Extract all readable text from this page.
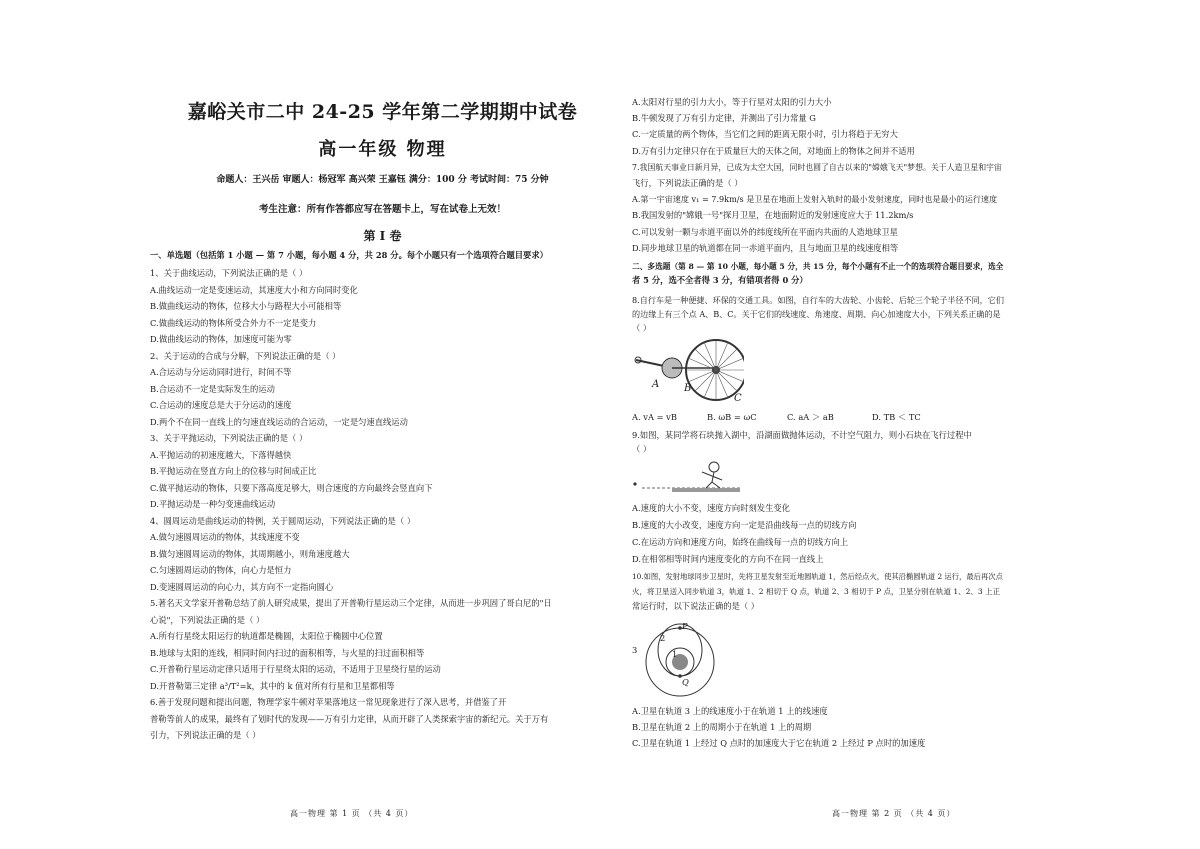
嘉峪关市二中 24-25 学年第二学期期中试卷
高一年级 物理
命题人：王兴岳 审题人：杨冠军 高兴荣 王嘉钰 满分：100 分 考试时间：75 分钟
考生注意：所有作答都应写在答题卡上，写在试卷上无效！
第 I 卷
一、单选题（包括第 1 小题 — 第 7 小题，每小题 4 分，共 28 分。每个小题只有一个选项符合题目要求）
1、关于曲线运动，下列说法正确的是（ ）
A.曲线运动一定是变速运动，其速度大小和方向同时变化
B.做曲线运动的物体，位移大小与路程大小可能相等
C.做曲线运动的物体所受合外力不一定是变力
D.做曲线运动的物体，加速度可能为零
2、关于运动的合成与分解，下列说法正确的是（ ）
A.合运动与分运动同时进行，时间不等
B.合运动不一定是实际发生的运动
C.合运动的速度总是大于分运动的速度
D.两个不在同一直线上的匀速直线运动的合运动，一定是匀速直线运动
3、关于平抛运动，下列说法正确的是（ ）
A.平抛运动的初速度越大，下落得越快
B.平抛运动在竖直方向上的位移与时间成正比
C.做平抛运动的物体，只要下落高度足够大，则合速度的方向最终会竖直向下
D.平抛运动是一种匀变速曲线运动
4、圆周运动是曲线运动的特例，关于圆周运动，下列说法正确的是（ ）
A.做匀速圆周运动的物体，其线速度不变
B.做匀速圆周运动的物体，其周期越小，则角速度越大
C.匀速圆周运动的物体，向心力是恒力
D.变速圆周运动的向心力，其方向不一定指向圆心
5.著名天文学家开普勒总结了前人研究成果，提出了开普勒行星运动三个定律，从而进一步巩固了哥白尼的"日
心说"，下列说法正确的是（ ）
A.所有行星绕太阳运行的轨道都是椭圆，太阳位于椭圆中心位置
B.地球与太阳的连线，相同时间内扫过的面积相等，与火星的扫过面积相等
C.开普勒行星运动定律只适用于行星绕太阳的运动，不适用于卫星绕行星的运动
D.开普勒第三定律 a³/T²=k，其中的 k 值对所有行星和卫星都相等
6.善于发现问题和提出问题，物理学家牛顿对苹果落地这一常见现象进行了深入思考，并借鉴了开
普勒等前人的成果，最终有了划时代的发现——万有引力定律，从而开辟了人类探索宇宙的新纪元。关于万有
引力，下列说法正确的是（ ）
高一物理 第 1 页 （共 4 页）
A.太阳对行星的引力大小，等于行星对太阳的引力大小
B.牛顿发现了万有引力定律，并测出了引力常量 G
C.一定质量的两个物体，当它们之间的距离无限小时，引力将趋于无穷大
D.万有引力定律只存在于质量巨大的天体之间，对地面上的物体之间并不适用
7.我国航天事业日新月异，已成为太空大国，同时也圆了自古以来的"嫦娥飞天"梦想。关于人造卫星和宇宙
飞行，下列说法正确的是（ ）
A.第一宇宙速度 v₁ = 7.9km/s 是卫星在地面上发射入轨时的最小发射速度，同时也是最小的运行速度
B.我国发射的"嫦娥一号"探月卫星，在地面附近的发射速度应大于 11.2km/s
C.可以发射一颗与赤道平面以外的纬度线所在平面内共面的人造地球卫星
D.同步地球卫星的轨道都在同一赤道平面内，且与地面卫星的线速度相等
二、多选题（第 8 — 第 10 小题，每小题 5 分，共 15 分，每个小题有不止一个的选项符合题目要求，选全
者 5 分，选不全者得 3 分，有错项者得 0 分）
8.自行车是一种便捷、环保的交通工具。如图，自行车的大齿轮、小齿轮、后轮三个轮子半径不同，它们
的边缘上有三个点 A、B、C。关于它们的线速度、角速度、周期、向心加速度大小，下列关系正确的是
（ ）
A B
C
A. vA = vB	B. ωB = ωC	C. aA ＞ aB	D. TB ＜ TC
9.如图，某同学将石块抛入湖中，沿湖面做抛体运动，不计空气阻力，则小石块在飞行过程中
（ ）
A.速度的大小不变，速度方向时刻发生变化
B.速度的大小改变，速度方向一定是沿曲线每一点的切线方向
C.在运动方向和速度方向，始终在曲线每一点的切线方向上
D.在相邻相等时间内速度变化的方向不在同一直线上
10.如图，发射地球同步卫星时，先将卫星发射至近地圆轨道 1，然后经点火，使其沿椭圆轨道 2 运行，最后再次点
火，将卫星送入同步轨道 3，轨道 1、2 相切于 Q 点，轨道 2、3 相切于 P 点，卫星分别在轨道 1、2、3 上正
常运行时，以下说法正确的是（ ）
P
Q
1
2
3
A.卫星在轨道 3 上的线速度小于在轨道 1 上的线速度
B.卫星在轨道 2 上的周期小于在轨道 1 上的周期
C.卫星在轨道 1 上经过 Q 点时的加速度大于它在轨道 2 上经过 P 点时的加速度
高一物理 第 2 页 （共 4 页）
